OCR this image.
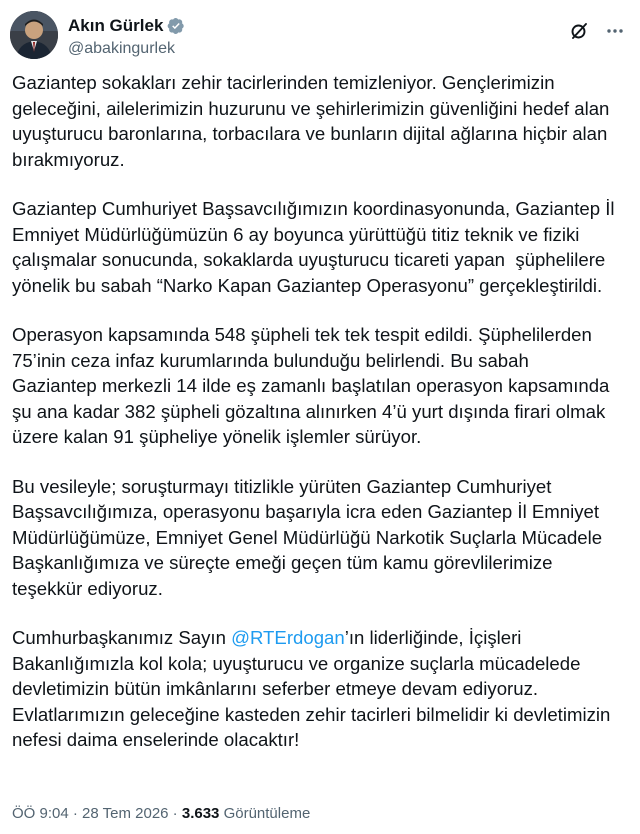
Akın Gürlek
@abakingurlek

Gaziantep sokakları zehir tacirlerinden temizleniyor. Gençlerimizin
geleceğini, ailelerimizin huzurunu ve şehirlerimizin güvenliğini hedef alan
uyuşturucu baronlarına, torbacılara ve bunların dijital ağlarına hiçbir alan
bırakmıyoruz.

Gaziantep Cumhuriyet Başsavcılığımızın koordinasyonunda, Gaziantep İl
Emniyet Müdürlüğümüzün 6 ay boyunca yürüttüğü titiz teknik ve fiziki
çalışmalar sonucunda, sokaklarda uyuşturucu ticareti yapan  şüphelilere
yönelik bu sabah “Narko Kapan Gaziantep Operasyonu” gerçekleştirildi.

Operasyon kapsamında 548 şüpheli tek tek tespit edildi. Şüphelilerden
75’inin ceza infaz kurumlarında bulunduğu belirlendi. Bu sabah
Gaziantep merkezli 14 ilde eş zamanlı başlatılan operasyon kapsamında
şu ana kadar 382 şüpheli gözaltına alınırken 4’ü yurt dışında firari olmak
üzere kalan 91 şüpheliye yönelik işlemler sürüyor.

Bu vesileyle; soruşturmayı titizlikle yürüten Gaziantep Cumhuriyet
Başsavcılığımıza, operasyonu başarıyla icra eden Gaziantep İl Emniyet
Müdürlüğümüze, Emniyet Genel Müdürlüğü Narkotik Suçlarla Mücadele
Başkanlığımıza ve süreçte emeği geçen tüm kamu görevlilerimize
teşekkür ediyoruz.

Cumhurbaşkanımız Sayın @RTErdogan’ın liderliğinde, İçişleri
Bakanlığımızla kol kola; uyuşturucu ve organize suçlarla mücadelede
devletimizin bütün imkânlarını seferber etmeye devam ediyoruz.
Evlatlarımızın geleceğine kasteden zehir tacirleri bilmelidir ki devletimizin
nefesi daima enselerinde olacaktır!

ÖÖ 9:04 · 28 Tem 2026 · 3.633 Görüntüleme
